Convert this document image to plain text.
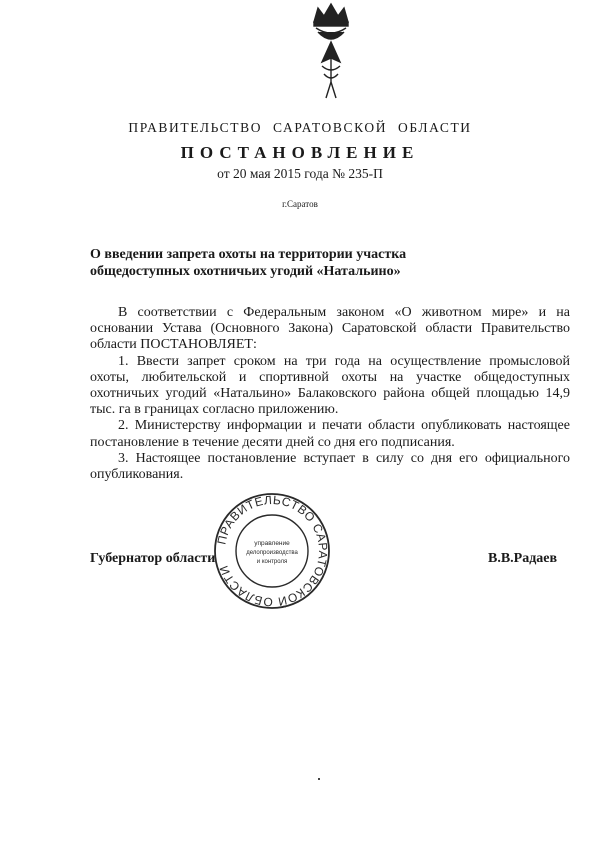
ПРАВИТЕЛЬСТВО САРАТОВСКОЙ ОБЛАСТИ
ПОСТАНОВЛЕНИЕ
от 20 мая 2015 года № 235-П
г.Саратов
О введении запрета охоты на территории участка
общедоступных охотничьих угодий «Натальино»

В соответствии с Федеральным законом «О животном мире» и на основании Устава (Основного Закона) Саратовской области Правительство области ПОСТАНОВЛЯЕТ:

1. Ввести запрет сроком на три года на осуществление промысловой охоты, любительской и спортивной охоты на участке общедоступных охотничьих угодий «Натальино» Балаковского района общей площадью 14,9 тыс. га в границах согласно приложению.

2. Министерству информации и печати области опубликовать настоящее постановление в течение десяти дней со дня его подписания.

3. Настоящее постановление вступает в силу со дня его официального опубликования.

Губернатор области	В.В.Радаев
ПРАВИТЕЛЬСТВО САРАТОВСКОЙ ОБЛАСТИ
управление
делопроизводства
и контроля
